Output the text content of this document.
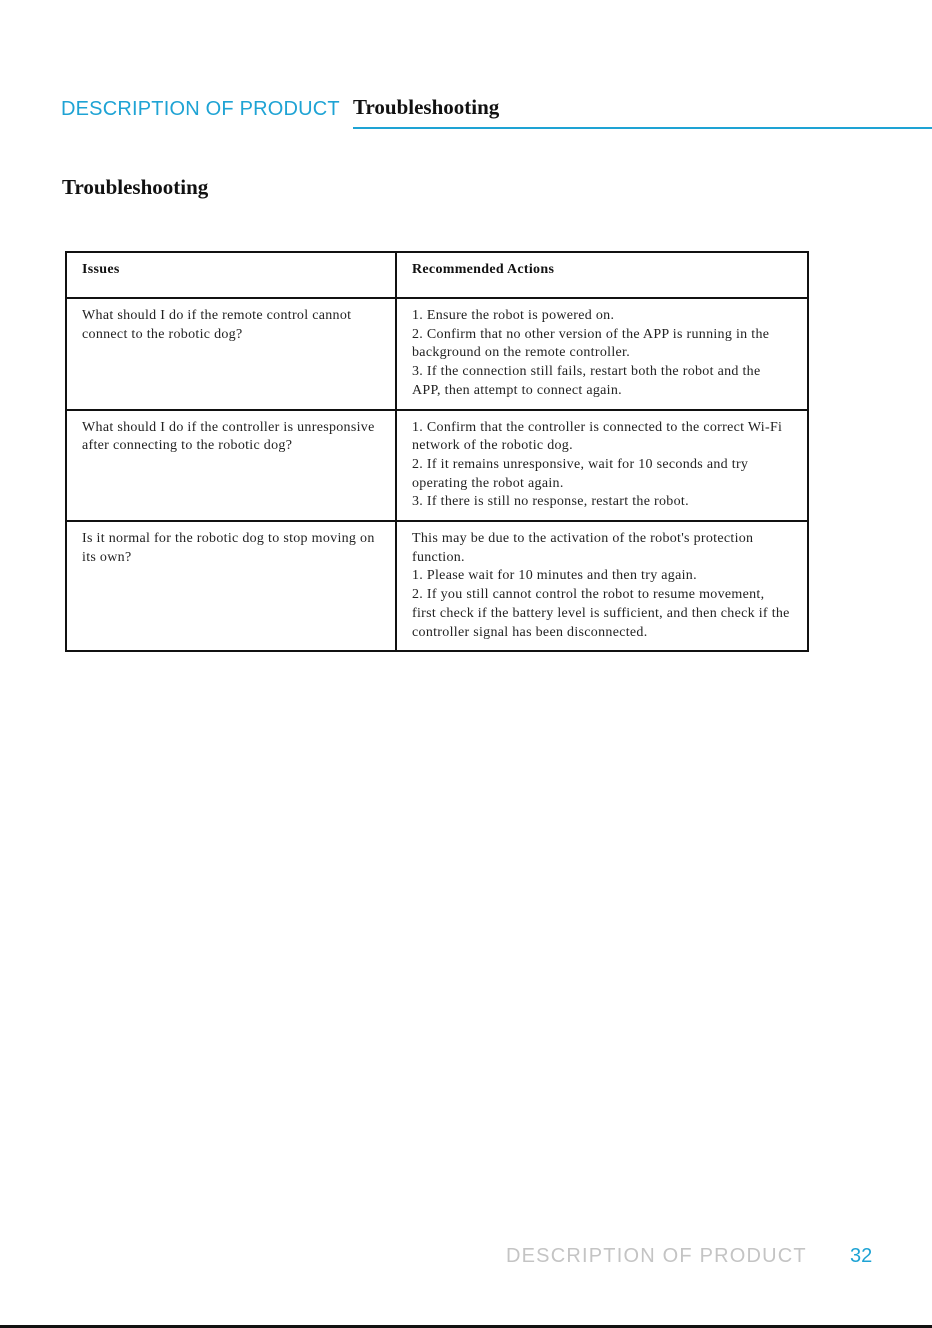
DESCRIPTION OF PRODUCT Troubleshooting
Troubleshooting
Issues	Recommended Actions
What should I do if the remote control cannot connect to the robotic dog?	1. Ensure the robot is powered on.
2. Confirm that no other version of the APP is running in the background on the remote controller.
3. If the connection still fails, restart both the robot and the APP, then attempt to connect again.

What should I do if the controller is unresponsive after connecting to the robotic dog?	1. Confirm that the controller is connected to the correct Wi-Fi network of the robotic dog.
2. If it remains unresponsive, wait for 10 seconds and try operating the robot again.
3. If there is still no response, restart the robot.

Is it normal for the robotic dog to stop moving on its own?	This may be due to the activation of the robot's protection function.
1. Please wait for 10 minutes and then try again.
2. If you still cannot control the robot to resume movement, first check if the battery level is sufficient, and then check if the controller signal has been disconnected.
DESCRIPTION OF PRODUCT 32
